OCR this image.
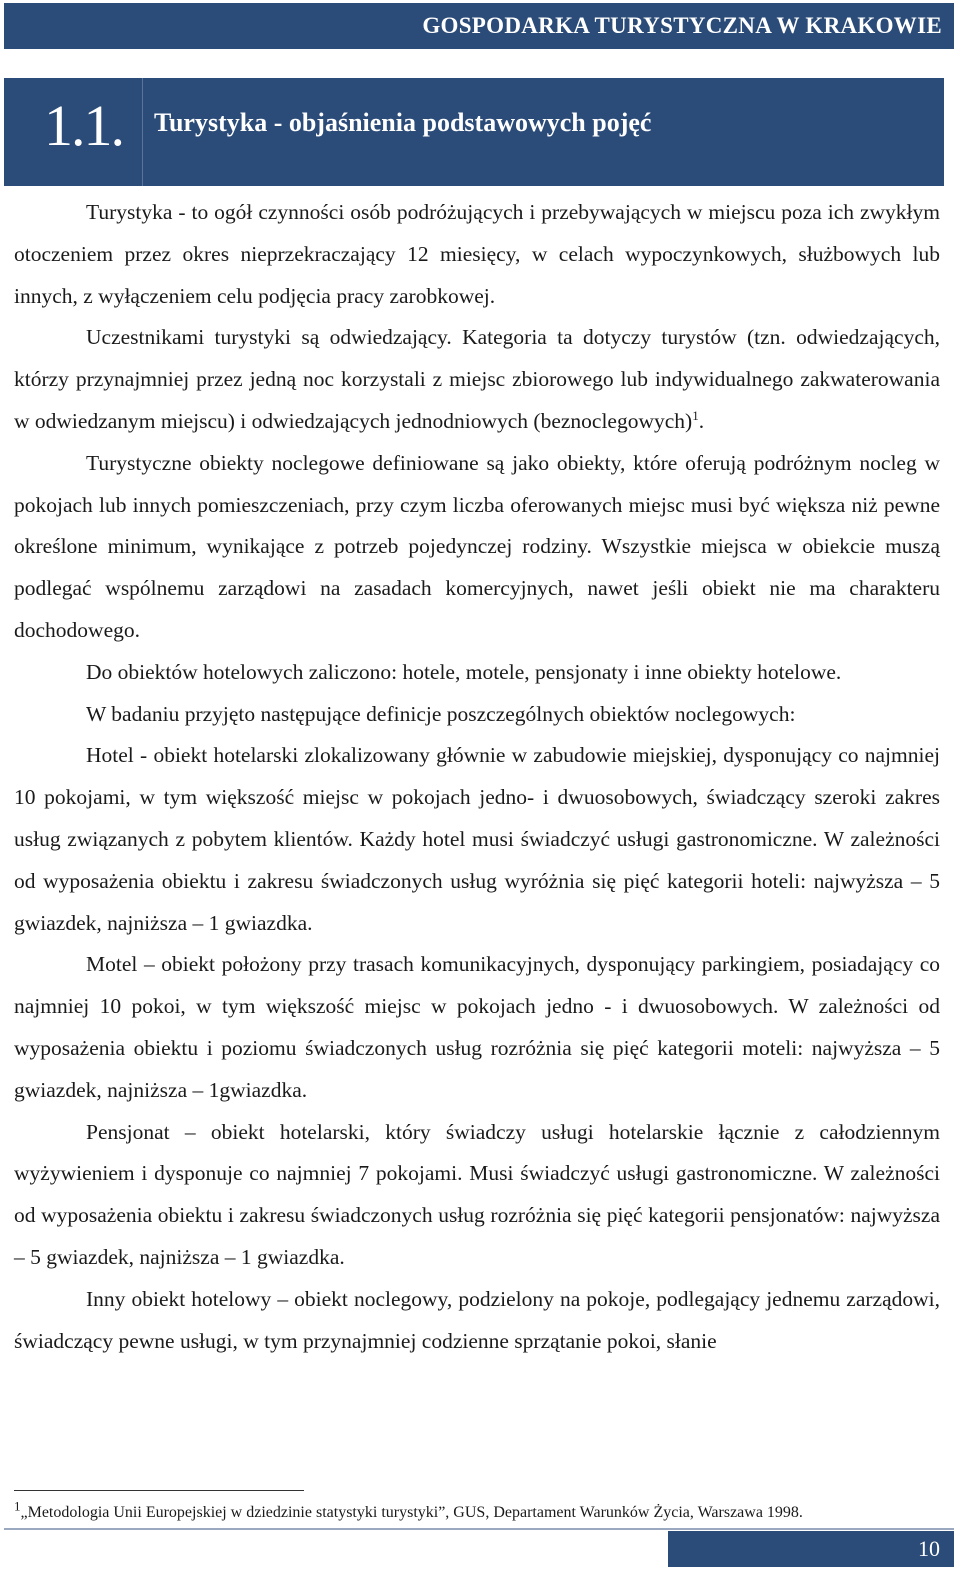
GOSPODARKA TURYSTYCZNA W KRAKOWIE
1.1. Turystyka - objaśnienia podstawowych pojęć

Turystyka - to ogół czynności osób podróżujących i przebywających w miejscu poza ich zwykłym otoczeniem przez okres nieprzekraczający 12 miesięcy, w celach wypoczynkowych, służbowych lub innych, z wyłączeniem celu podjęcia pracy zarobkowej.

Uczestnikami turystyki są odwiedzający. Kategoria ta dotyczy turystów (tzn. odwiedzających, którzy przynajmniej przez jedną noc korzystali z miejsc zbiorowego lub indywidualnego zakwaterowania w odwiedzanym miejscu) i odwiedzających jednodniowych (beznoclegowych)$^1$.

Turystyczne obiekty noclegowe definiowane są jako obiekty, które oferują podróżnym nocleg w pokojach lub innych pomieszczeniach, przy czym liczba oferowanych miejsc musi być większa niż pewne określone minimum, wynikające z potrzeb pojedynczej rodziny. Wszystkie miejsca w obiekcie muszą podlegać wspólnemu zarządowi na zasadach komercyjnych, nawet jeśli obiekt nie ma charakteru dochodowego.

Do obiektów hotelowych zaliczono: hotele, motele, pensjonaty i inne obiekty hotelowe.

W badaniu przyjęto następujące definicje poszczególnych obiektów noclegowych:

Hotel - obiekt hotelarski zlokalizowany głównie w zabudowie miejskiej, dysponujący co najmniej 10 pokojami, w tym większość miejsc w pokojach jedno- i dwuosobowych, świadczący szeroki zakres usług związanych z pobytem klientów. Każdy hotel musi świadczyć usługi gastronomiczne. W zależności od wyposażenia obiektu i zakresu świadczonych usług wyróżnia się pięć kategorii hoteli: najwyższa – 5 gwiazdek, najniższa – 1 gwiazdka.

Motel – obiekt położony przy trasach komunikacyjnych, dysponujący parkingiem, posiadający co najmniej 10 pokoi, w tym większość miejsc w pokojach jedno - i dwuosobowych. W zależności od wyposażenia obiektu i poziomu świadczonych usług rozróżnia się pięć kategorii moteli: najwyższa – 5 gwiazdek, najniższa – 1gwiazdka.

Pensjonat – obiekt hotelarski, który świadczy usługi hotelarskie łącznie z całodziennym wyżywieniem i dysponuje co najmniej 7 pokojami. Musi świadczyć usługi gastronomiczne. W zależności od wyposażenia obiektu i zakresu świadczonych usług rozróżnia się pięć kategorii pensjonatów: najwyższa – 5 gwiazdek, najniższa – 1 gwiazdka.

Inny obiekt hotelowy – obiekt noclegowy, podzielony na pokoje, podlegający jednemu zarządowi, świadczący pewne usługi, w tym przynajmniej codzienne sprzątanie pokoi, słanie

$^1$„Metodologia Unii Europejskiej w dziedzinie statystyki turystyki”, GUS, Departament Warunków Życia, Warszawa 1998.
10
